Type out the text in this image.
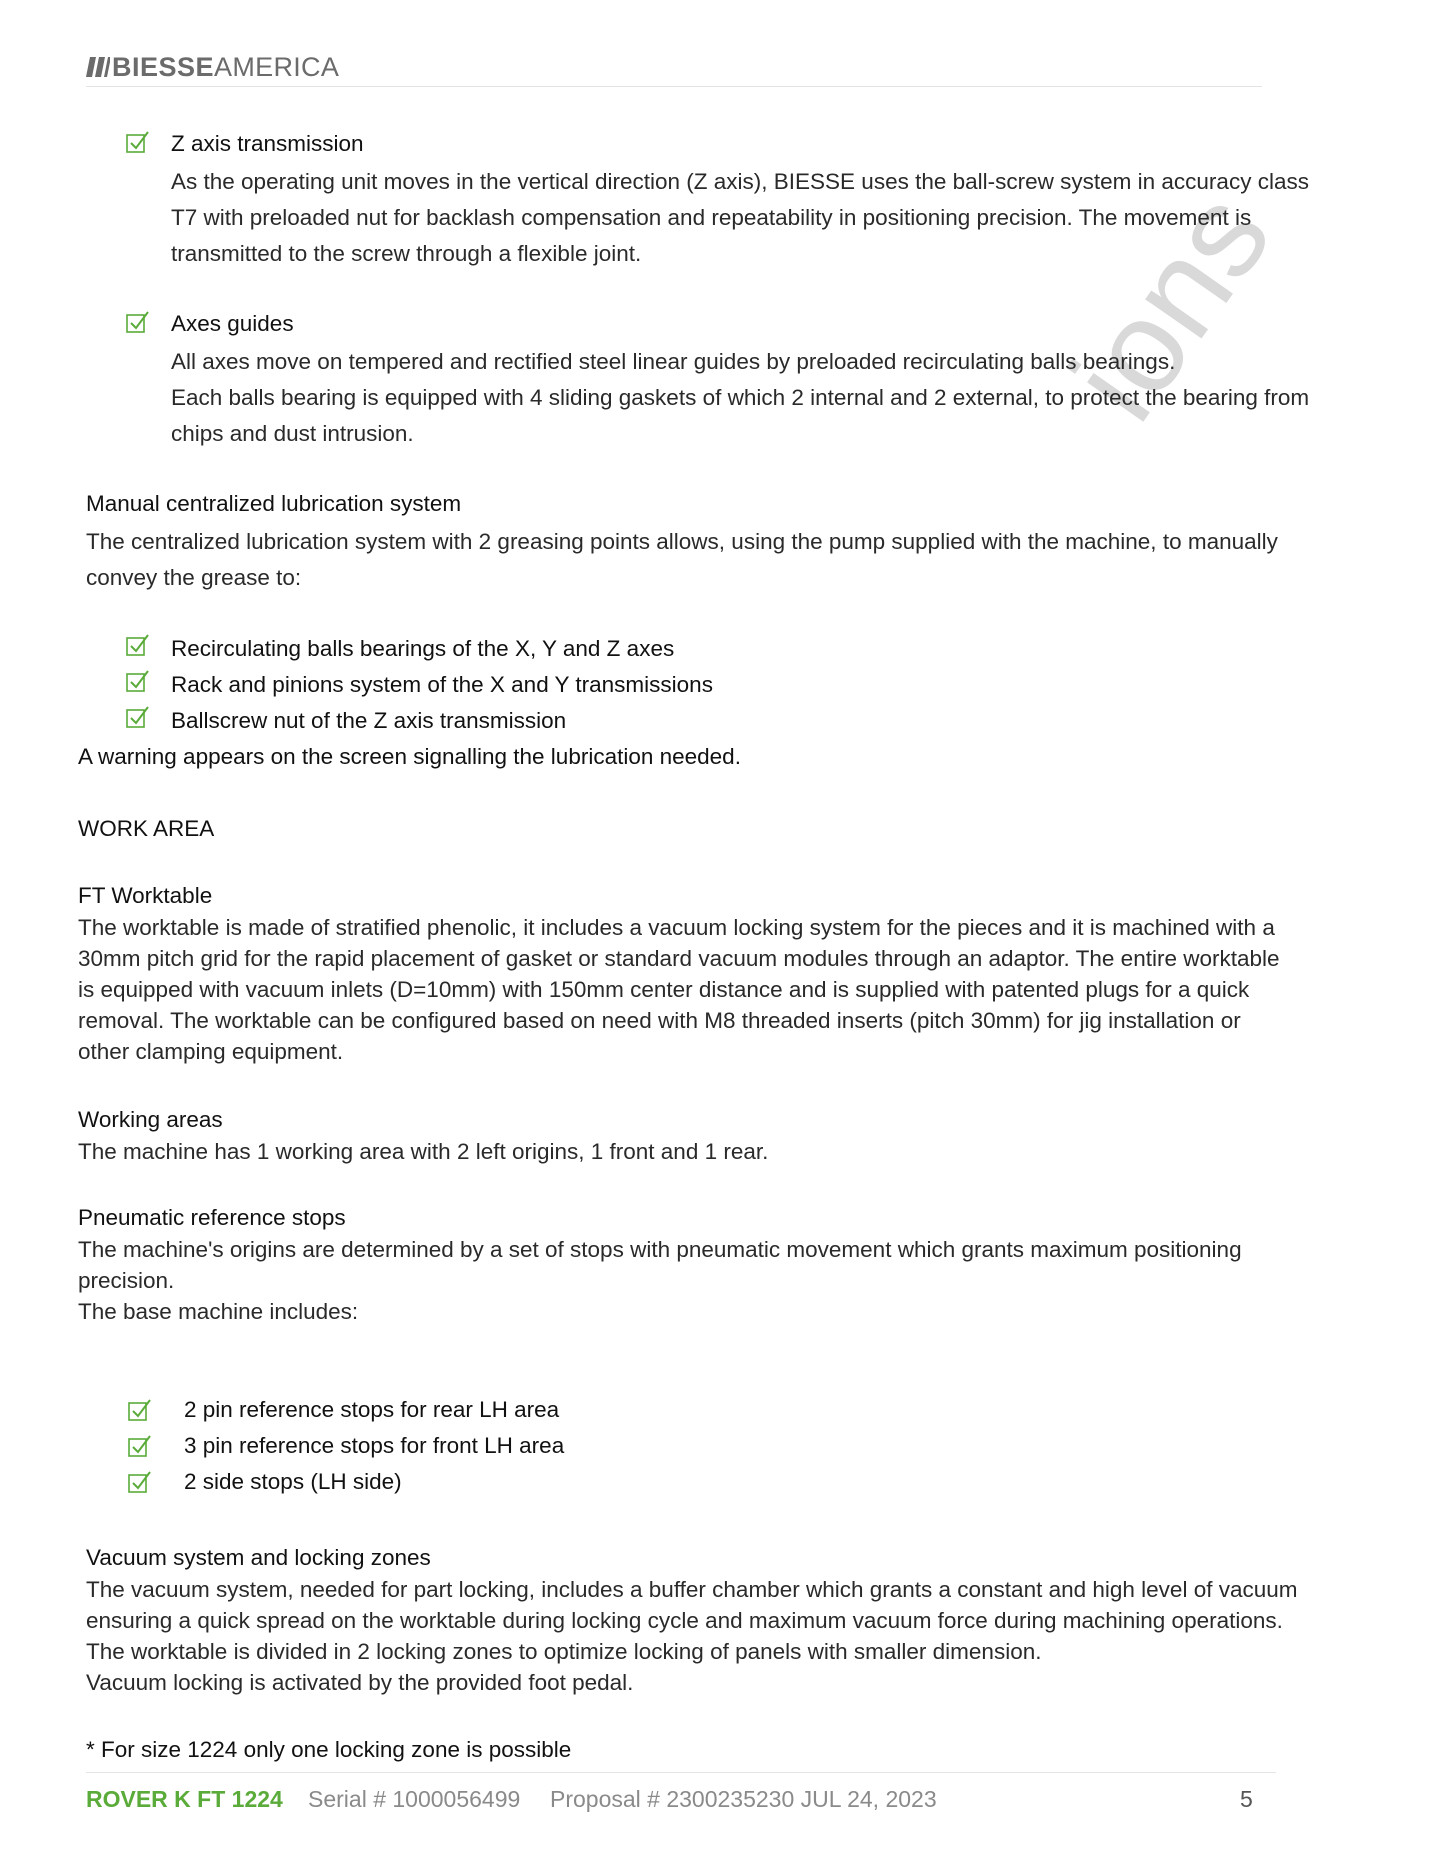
BIESSE AMERICA
ions
Z axis transmission
As the operating unit moves in the vertical direction (Z axis), BIESSE uses the ball-screw system in accuracy class
T7 with preloaded nut for backlash compensation and repeatability in positioning precision. The movement is
transmitted to the screw through a flexible joint.
Axes guides
All axes move on tempered and rectified steel linear guides by preloaded recirculating balls bearings.
Each balls bearing is equipped with 4 sliding gaskets of which 2 internal and 2 external, to protect the bearing from
chips and dust intrusion.
Manual centralized lubrication system
The centralized lubrication system with 2 greasing points allows, using the pump supplied with the machine, to manually
convey the grease to:
Recirculating balls bearings of the X, Y and Z axes
Rack and pinions system of the X and Y transmissions
Ballscrew nut of the Z axis transmission
A warning appears on the screen signalling the lubrication needed.
WORK AREA
FT Worktable
The worktable is made of stratified phenolic, it includes a vacuum locking system for the pieces and it is machined with a
30mm pitch grid for the rapid placement of gasket or standard vacuum modules through an adaptor. The entire worktable
is equipped with vacuum inlets (D=10mm) with 150mm center distance and is supplied with patented plugs for a quick
removal. The worktable can be configured based on need with M8 threaded inserts (pitch 30mm) for jig installation or
other clamping equipment.
Working areas
The machine has 1 working area with 2 left origins, 1 front and 1 rear.
Pneumatic reference stops
The machine's origins are determined by a set of stops with pneumatic movement which grants maximum positioning
precision.
The base machine includes:
2 pin reference stops for rear LH area
3 pin reference stops for front LH area
2 side stops (LH side)
Vacuum system and locking zones
The vacuum system, needed for part locking, includes a buffer chamber which grants a constant and high level of vacuum
ensuring a quick spread on the worktable during locking cycle and maximum vacuum force during machining operations.
The worktable is divided in 2 locking zones to optimize locking of panels with smaller dimension.
Vacuum locking is activated by the provided foot pedal.
* For size 1224 only one locking zone is possible
ROVER K FT 1224 Serial # 1000056499 Proposal # 2300235230 JUL 24, 2023	5
